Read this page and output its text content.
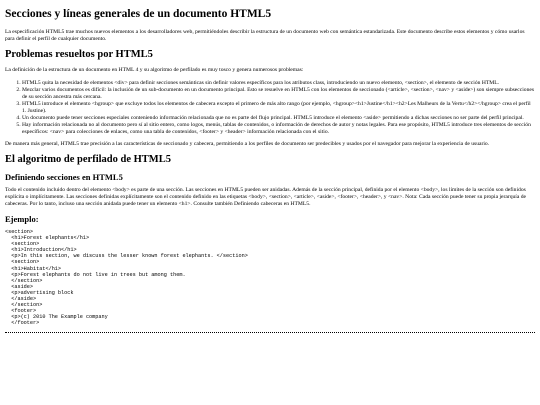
Secciones y líneas generales de un documento HTML5

La especificación HTML5 trae muchos nuevos elementos a los desarrolladores web, permitiéndoles describir la estructura de un documento web con semántica estandarizada. Este documento describe estos elementos y cómo usarlos para definir el perfil de cualquier documento.

Problemas resueltos por HTML5

La definición de la estructura de un documento en HTML 4 y su algoritmo de perfilado es muy tosco y genera numerosos problemas:

1. HTML5 quita la necesidad de elementos <div> para definir secciones semánticas sin definir valores específicos para los atributos class, introduciendo un nuevo elemento, <section>, el elemento de sección HTML.
2. Mezclar varios documentos es difícil: la inclusión de un sub-documento en un documento principal. Esto se resuelve en HTML5 con los elementos de seccionado (<article>, <section>, <nav> y <aside>) son siempre subsecciones de su sección ancestra más cercana.
3. HTML5 introduce el elemento <hgroup> que excluye todos los elementos de cabecera excepto el primero de más alto rango (por ejemplo, <hgroup><h1>Justine</h1><h2>Les Malheurs de la Vertu</h2></hgroup> crea el perfil 1. Justine).
4. Un documento puede tener secciones especiales conteniendo información relacionada que no es parte del flujo principal. HTML5 introduce el elemento <aside> permitiendo a dichas secciones no ser parte del perfil principal.
5. Hay información relacionada no al documento pero sí al sitio entero, como logos, menús, tablas de contenidos, o información de derechos de autor y notas legales. Para ese propósito, HTML5 introduce tres elementos de sección específicos: <nav> para colecciones de enlaces, como una tabla de contenidos, <footer> y <header> información relacionada con el sitio.

De manera más general, HTML5 trae precisión a las características de seccionado y cabecera, permitiendo a los perfiles de documento ser predecibles y usados por el navegador para mejorar la experiencia de usuario.

El algoritmo de perfilado de HTML5
Definiendo secciones en HTML5

Todo el contenido incluido dentro del elemento <body> es parte de una sección. Las secciones en HTML5 pueden ser anidadas. Además de la sección principal, definida por el elemento <body>, los límites de la sección son definidos explícita o implícitamente. Las secciones definidas explícitamente son el contenido definido en las etiquetas <body>, <section>, <article>, <aside>, <footer>, <header>, y <nav>. Nota: Cada sección puede tener su propia jerarquía de cabeceras. Por lo tanto, incluso una sección anidada puede tener un elemento <h1>. Consulte también Definiendo cabeceras en HTML5.

Ejemplo:
<section>
<h1>Forest elephants</h1>
<section>
<h1>Introduction</h1>
<p>In this section, we discuss the lesser known forest elephants. </section>
<section>
<h1>Habitat</h1>
<p>Forest elephants do not live in trees but among them.
</section>
<aside>
<p>advertising block
</aside>
</section>
<footer>
<p>(c) 2010 The Example company
</footer>
